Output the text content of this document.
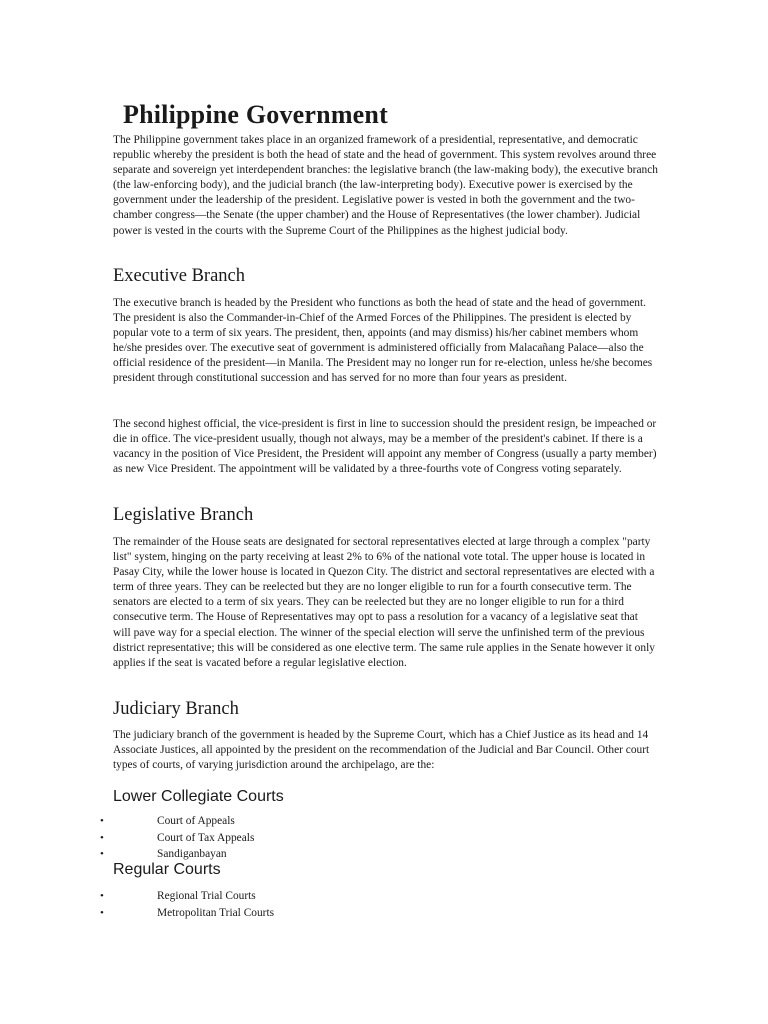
Philippine Government

The Philippine government takes place in an organized framework of a presidential, representative, and democratic republic whereby the president is both the head of state and the head of government. This system revolves around three separate and sovereign yet interdependent branches: the legislative branch (the law-making body), the executive branch (the law-enforcing body), and the judicial branch (the law-interpreting body). Executive power is exercised by the government under the leadership of the president. Legislative power is vested in both the government and the two-chamber congress—the Senate (the upper chamber) and the House of Representatives (the lower chamber). Judicial power is vested in the courts with the Supreme Court of the Philippines as the highest judicial body.

Executive Branch

The executive branch is headed by the President who functions as both the head of state and the head of government. The president is also the Commander-in-Chief of the Armed Forces of the Philippines. The president is elected by popular vote to a term of six years. The president, then, appoints (and may dismiss) his/her cabinet members whom he/she presides over. The executive seat of government is administered officially from Malacañang Palace—also the official residence of the president—in Manila. The President may no longer run for re-election, unless he/she becomes president through constitutional succession and has served for no more than four years as president.

The second highest official, the vice-president is first in line to succession should the president resign, be impeached or die in office. The vice-president usually, though not always, may be a member of the president's cabinet. If there is a vacancy in the position of Vice President, the President will appoint any member of Congress (usually a party member) as new Vice President. The appointment will be validated by a three-fourths vote of Congress voting separately.

Legislative Branch

The remainder of the House seats are designated for sectoral representatives elected at large through a complex "party list" system, hinging on the party receiving at least 2% to 6% of the national vote total. The upper house is located in Pasay City, while the lower house is located in Quezon City. The district and sectoral representatives are elected with a term of three years. They can be reelected but they are no longer eligible to run for a fourth consecutive term. The senators are elected to a term of six years. They can be reelected but they are no longer eligible to run for a third consecutive term. The House of Representatives may opt to pass a resolution for a vacancy of a legislative seat that will pave way for a special election. The winner of the special election will serve the unfinished term of the previous district representative; this will be considered as one elective term. The same rule applies in the Senate however it only applies if the seat is vacated before a regular legislative election.

Judiciary Branch

The judiciary branch of the government is headed by the Supreme Court, which has a Chief Justice as its head and 14 Associate Justices, all appointed by the president on the recommendation of the Judicial and Bar Council. Other court types of courts, of varying jurisdiction around the archipelago, are the:

Lower Collegiate Courts
•	Court of Appeals
•	Court of Tax Appeals
•	Sandiganbayan
Regular Courts
•	Regional Trial Courts
•	Metropolitan Trial Courts
